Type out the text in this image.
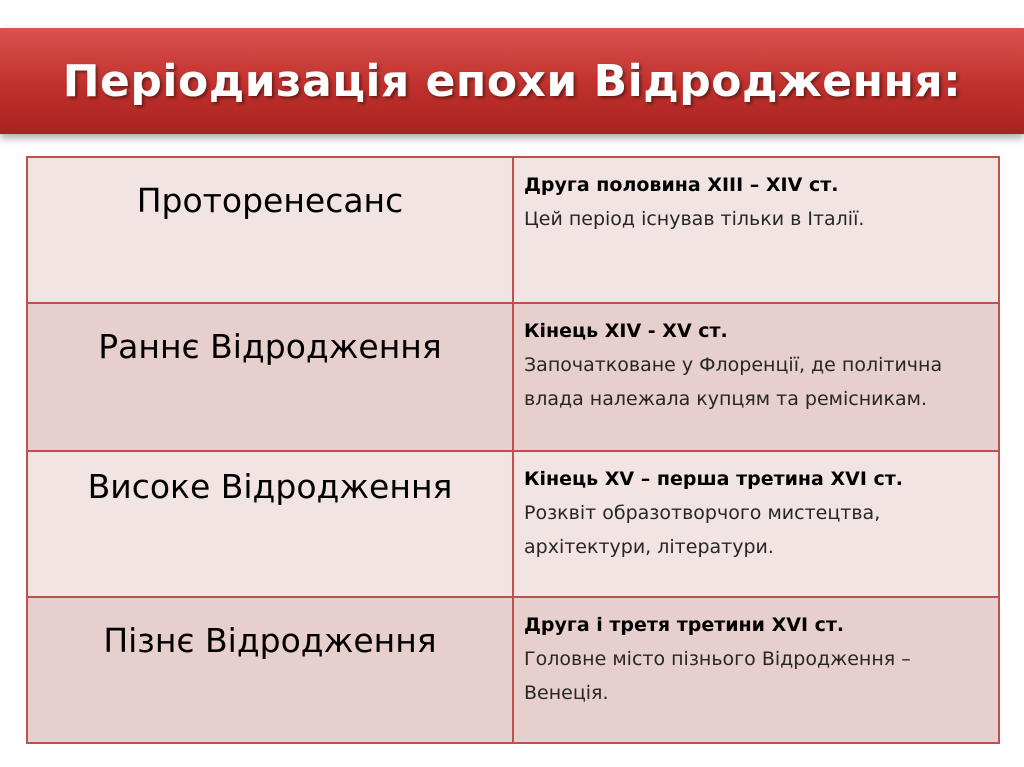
Періодизація епохи Відродження:
Проторенесанс	Друга половина XIII – XIV ст.
Цей період існував тільки в Італії.

Раннє Відродження	Кінець XIV - XV ст.
Започатковане у Флоренції, де політична влада належала купцям та ремісникам.

Високе Відродження	Кінець XV – перша третина XVI ст.
Розквіт образотворчого мистецтва, архітектури, літератури.

Пізнє Відродження	Друга і третя третини XVI ст.
Головне місто пізнього Відродження – Венеція.
